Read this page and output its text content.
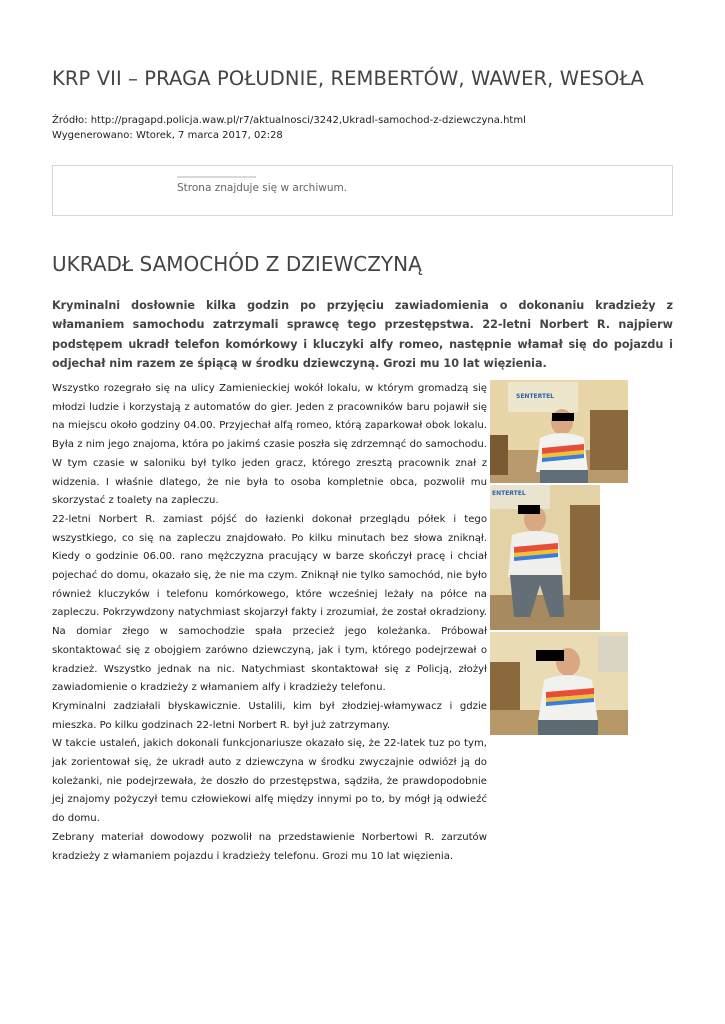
KRP VII – PRAGA POŁUDNIE, REMBERTÓW, WAWER, WESOŁA
Źródło: http://pragapd.policja.waw.pl/r7/aktualnosci/3242,Ukradl-samochod-z-dziewczyna.html
Wygenerowano: Wtorek, 7 marca 2017, 02:28
Strona znajduje się w archiwum.
UKRADŁ SAMOCHÓD Z DZIEWCZYNĄ

Kryminalni dosłownie kilka godzin po przyjęciu zawiadomienia o dokonaniu kradzieży z włamaniem samochodu zatrzymali sprawcę tego przestępstwa. 22-letni Norbert R. najpierw podstępem ukradł telefon komórkowy i kluczyki alfy romeo, następnie włamał się do pojazdu i odjechał nim razem ze śpiącą w środku dziewczyną. Grozi mu 10 lat więzienia.

Wszystko rozegrało się na ulicy Zamienieckiej wokół lokalu, w którym gromadzą się młodzi ludzie i korzystają z automatów do gier. Jeden z pracowników baru pojawił się na miejscu około godziny 04.00. Przyjechał alfą romeo, którą zaparkował obok lokalu. Była z nim jego znajoma, która po jakimś czasie poszła się zdrzemnąć do samochodu. W tym czasie w saloniku był tylko jeden gracz, którego zresztą pracownik znał z widzenia. I właśnie dlatego, że nie była to osoba kompletnie obca, pozwolił mu skorzystać z toalety na zapleczu.

22-letni Norbert R. zamiast pójść do łazienki dokonał przeglądu półek i tego wszystkiego, co się na zapleczu znajdowało. Po kilku minutach bez słowa zniknął. Kiedy o godzinie 06.00. rano mężczyzna pracujący w barze skończył pracę i chciał pojechać do domu, okazało się, że nie ma czym. Zniknął nie tylko samochód, nie było również kluczyków i telefonu komórkowego, które wcześniej leżały na półce na zapleczu. Pokrzywdzony natychmiast skojarzył fakty i zrozumiał, że został okradziony. Na domiar złego w samochodzie spała przecież jego koleżanka. Próbował skontaktować się z obojgiem zarówno dziewczyną, jak i tym, którego podejrzewał o kradzież. Wszystko jednak na nic. Natychmiast skontaktował się z Policją, złożył zawiadomienie o kradzieży z włamaniem alfy i kradzieży telefonu.

Kryminalni zadziałali błyskawicznie. Ustalili, kim był złodziej-włamywacz i gdzie mieszka. Po kilku godzinach 22-letni Norbert R. był już zatrzymany.

W takcie ustaleń, jakich dokonali funkcjonariusze okazało się, że 22-latek tuz po tym, jak zorientował się, że ukradł auto z dziewczyna w środku zwyczajnie odwiózł ją do koleżanki, nie podejrzewała, że doszło do przestępstwa, sądziła, że prawdopodobnie jej znajomy pożyczył temu człowiekowi alfę między innymi po to, by mógł ją odwieźć do domu.

Zebrany materiał dowodowy pozwolił na przedstawienie Norbertowi R. zarzutów kradzieży z włamaniem pojazdu i kradzieży telefonu. Grozi mu 10 lat więzienia.

SENTERTEL
ENTERTEL
